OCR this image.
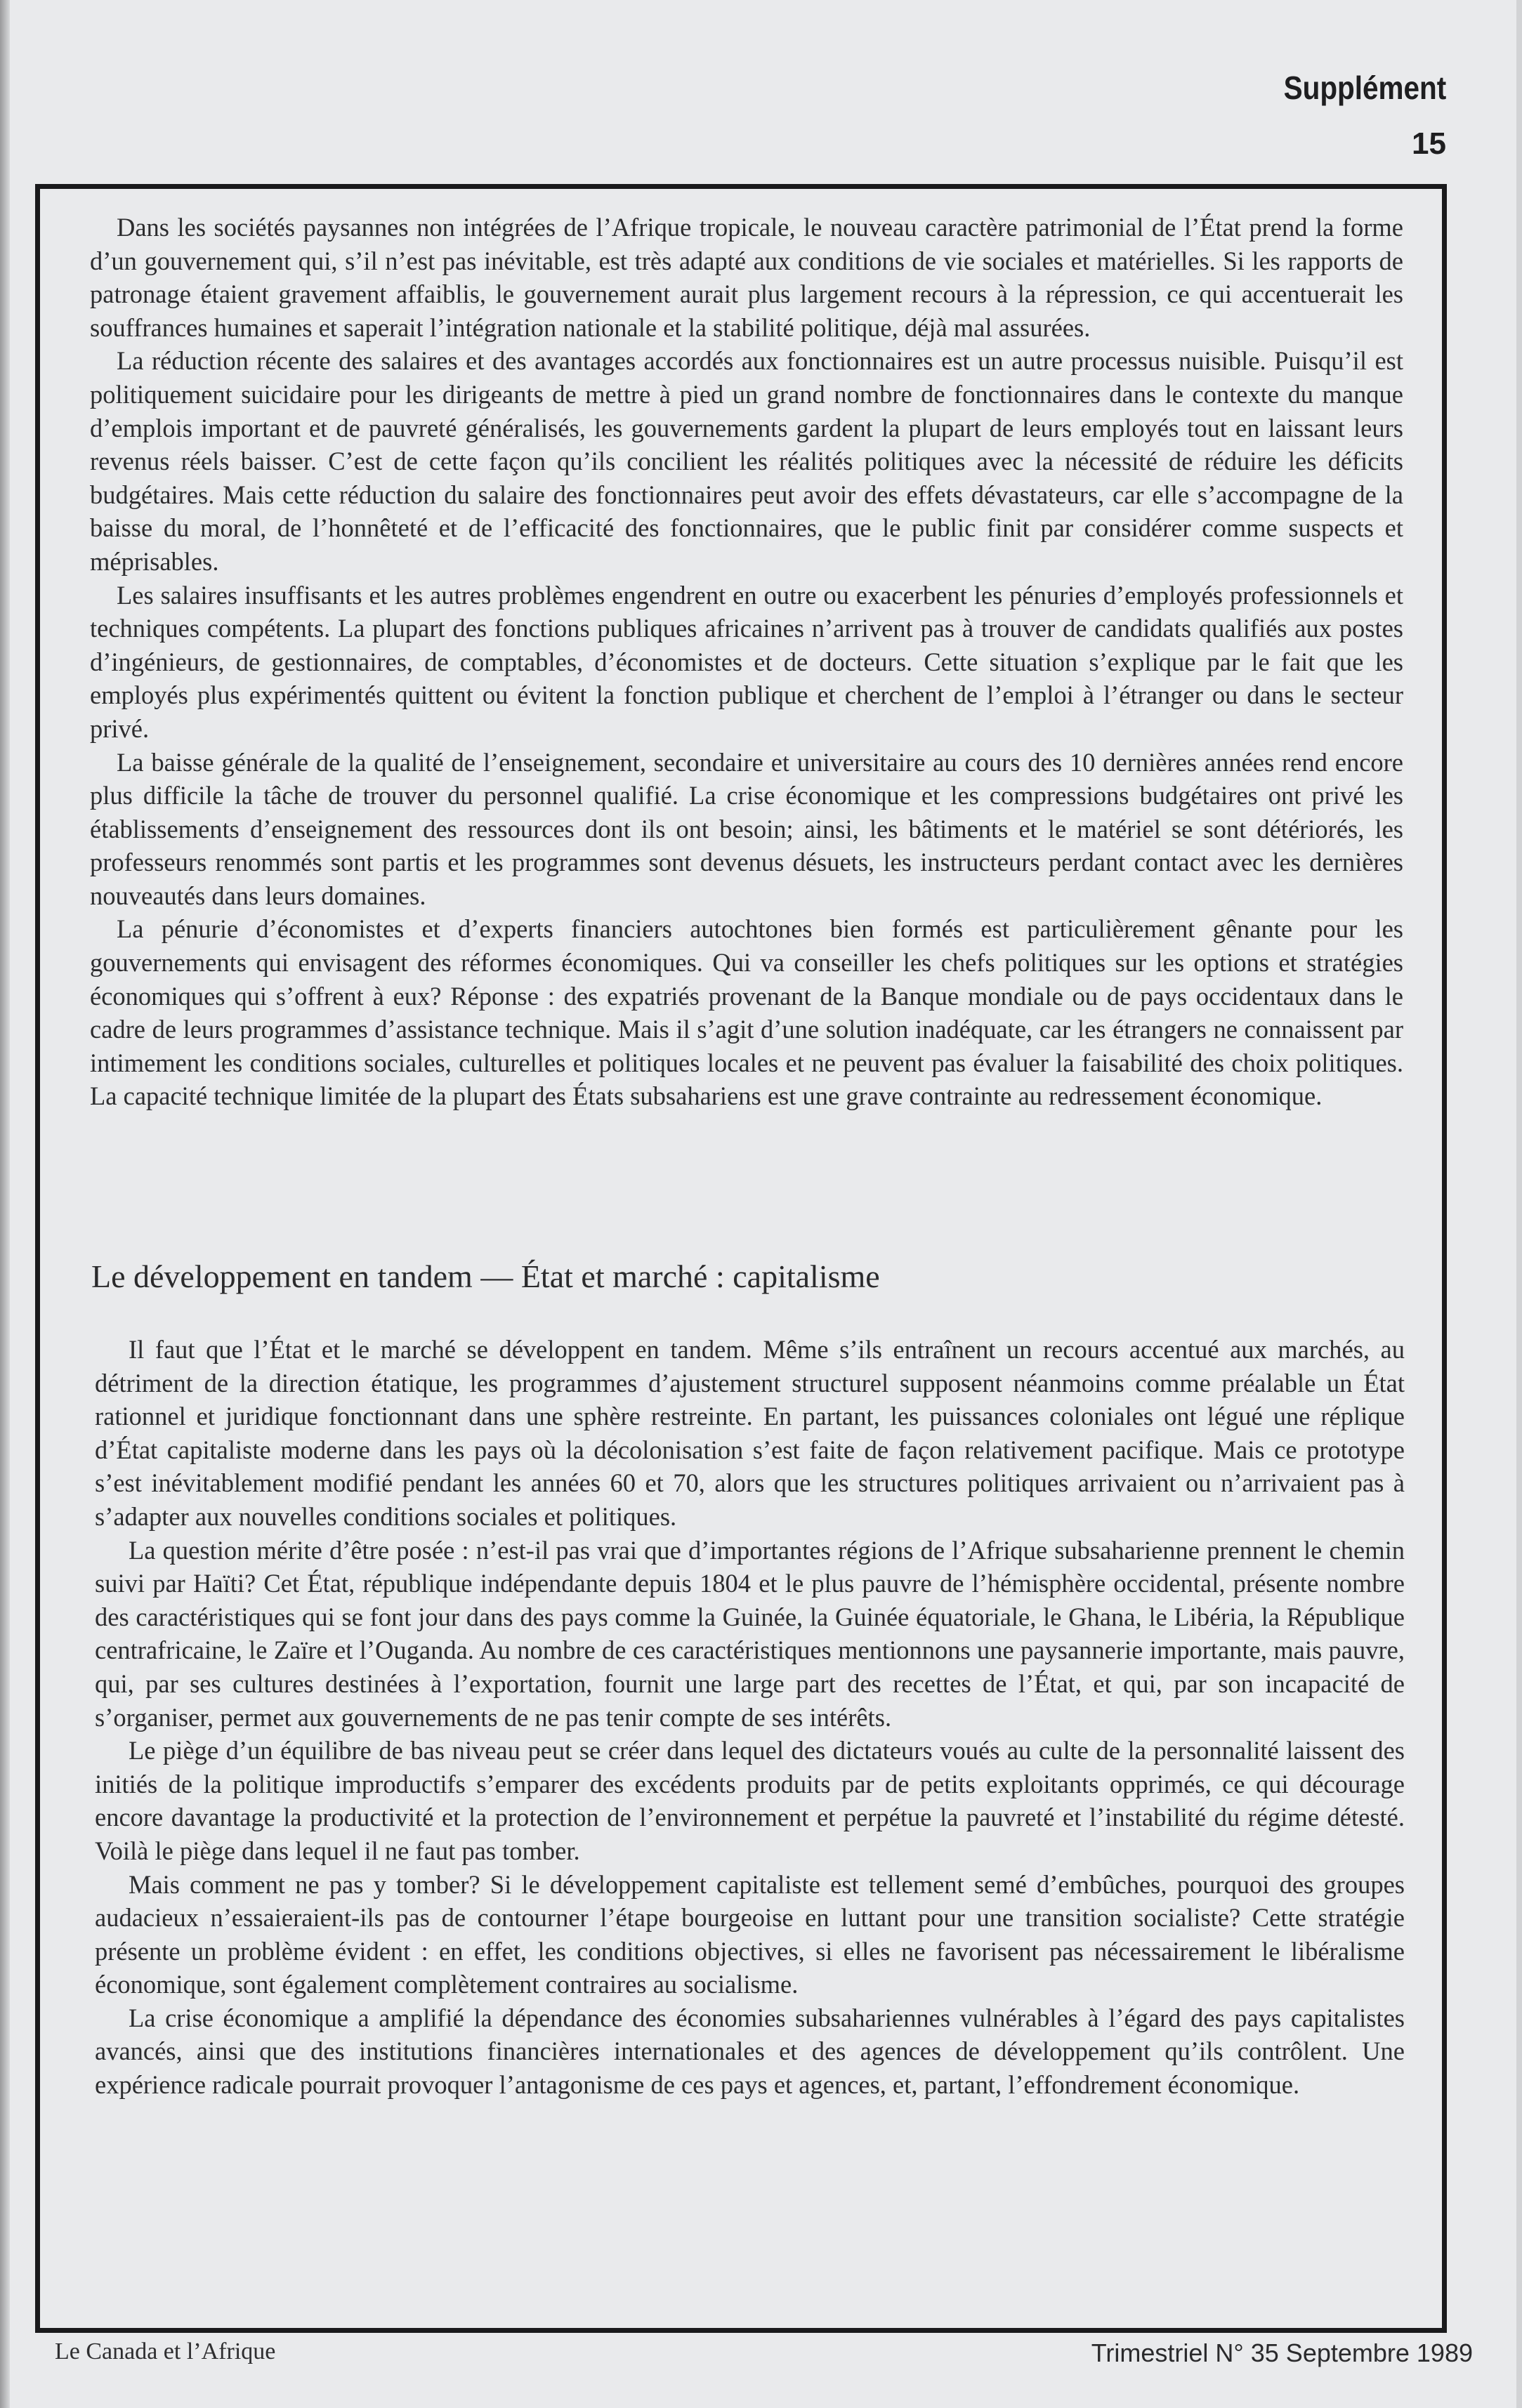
Supplément
15

Dans les sociétés paysannes non intégrées de l’Afrique tropicale, le nouveau caractère patrimonial de l’État prend la forme d’un gouvernement qui, s’il n’est pas inévitable, est très adapté aux conditions de vie sociales et matérielles. Si les rapports de patronage étaient gravement affaiblis, le gouvernement aurait plus largement recours à la répression, ce qui accentuerait les souffrances humaines et saperait l’intégration nationale et la stabilité politique, déjà mal assurées.

La réduction récente des salaires et des avantages accordés aux fonctionnaires est un autre processus nuisible. Puisqu’il est politiquement suicidaire pour les dirigeants de mettre à pied un grand nombre de fonctionnaires dans le contexte du manque d’emplois important et de pauvreté généralisés, les gouvernements gardent la plupart de leurs employés tout en laissant leurs revenus réels baisser. C’est de cette façon qu’ils concilient les réalités politiques avec la nécessité de réduire les déficits budgétaires. Mais cette réduction du salaire des fonctionnaires peut avoir des effets dévastateurs, car elle s’accompagne de la baisse du moral, de l’honnêteté et de l’efficacité des fonctionnaires, que le public finit par considérer comme suspects et méprisables.

Les salaires insuffisants et les autres problèmes engendrent en outre ou exacerbent les pénuries d’employés professionnels et techniques compétents. La plupart des fonctions publiques africaines n’arrivent pas à trouver de candidats qualifiés aux postes d’ingénieurs, de gestionnaires, de comptables, d’économistes et de docteurs. Cette situation s’explique par le fait que les employés plus expérimentés quittent ou évitent la fonction publique et cherchent de l’emploi à l’étranger ou dans le secteur privé.

La baisse générale de la qualité de l’enseignement, secondaire et universitaire au cours des 10 dernières années rend encore plus difficile la tâche de trouver du personnel qualifié. La crise économique et les compressions budgétaires ont privé les établissements d’enseignement des ressources dont ils ont besoin; ainsi, les bâtiments et le matériel se sont détériorés, les professeurs renommés sont partis et les programmes sont devenus désuets, les instructeurs perdant contact avec les dernières nouveautés dans leurs domaines.

La pénurie d’économistes et d’experts financiers autochtones bien formés est particulièrement gênante pour les gouvernements qui envisagent des réformes économiques. Qui va conseiller les chefs politiques sur les options et stratégies économiques qui s’offrent à eux? Réponse : des expatriés provenant de la Banque mondiale ou de pays occidentaux dans le cadre de leurs programmes d’assistance technique. Mais il s’agit d’une solution inadéquate, car les étrangers ne connaissent par intimement les conditions sociales, culturelles et politiques locales et ne peuvent pas évaluer la faisabilité des choix politiques. La capacité technique limitée de la plupart des États subsahariens est une grave contrainte au redressement économique.

Le développement en tandem — État et marché : capitalisme

Il faut que l’État et le marché se développent en tandem. Même s’ils entraînent un recours accentué aux marchés, au détriment de la direction étatique, les programmes d’ajustement structurel supposent néanmoins comme préalable un État rationnel et juridique fonctionnant dans une sphère restreinte. En partant, les puissances coloniales ont légué une réplique d’État capitaliste moderne dans les pays où la décolonisation s’est faite de façon relativement pacifique. Mais ce prototype s’est inévitablement modifié pendant les années 60 et 70, alors que les structures politiques arrivaient ou n’arrivaient pas à s’adapter aux nouvelles conditions sociales et politiques.

La question mérite d’être posée : n’est-il pas vrai que d’importantes régions de l’Afrique subsaharienne prennent le chemin suivi par Haïti? Cet État, république indépendante depuis 1804 et le plus pauvre de l’hémisphère occidental, présente nombre des caractéristiques qui se font jour dans des pays comme la Guinée, la Guinée équatoriale, le Ghana, le Libéria, la République centrafricaine, le Zaïre et l’Ouganda. Au nombre de ces caractéristiques mentionnons une paysannerie importante, mais pauvre, qui, par ses cultures destinées à l’exportation, fournit une large part des recettes de l’État, et qui, par son incapacité de s’organiser, permet aux gouvernements de ne pas tenir compte de ses intérêts.

Le piège d’un équilibre de bas niveau peut se créer dans lequel des dictateurs voués au culte de la personnalité laissent des initiés de la politique improductifs s’emparer des excédents produits par de petits exploitants opprimés, ce qui décourage encore davantage la productivité et la protection de l’environnement et perpétue la pauvreté et l’instabilité du régime détesté. Voilà le piège dans lequel il ne faut pas tomber.

Mais comment ne pas y tomber? Si le développement capitaliste est tellement semé d’embûches, pourquoi des groupes audacieux n’essaieraient-ils pas de contourner l’étape bourgeoise en luttant pour une transition socialiste? Cette stratégie présente un problème évident : en effet, les conditions objectives, si elles ne favorisent pas nécessairement le libéralisme économique, sont également complètement contraires au socialisme.

La crise économique a amplifié la dépendance des économies subsahariennes vulnérables à l’égard des pays capitalistes avancés, ainsi que des institutions financières internationales et des agences de développement qu’ils contrôlent. Une expérience radicale pourrait provoquer l’antagonisme de ces pays et agences, et, partant, l’effondrement économique.

Le Canada et l’Afrique	Trimestriel N° 35 Septembre 1989
